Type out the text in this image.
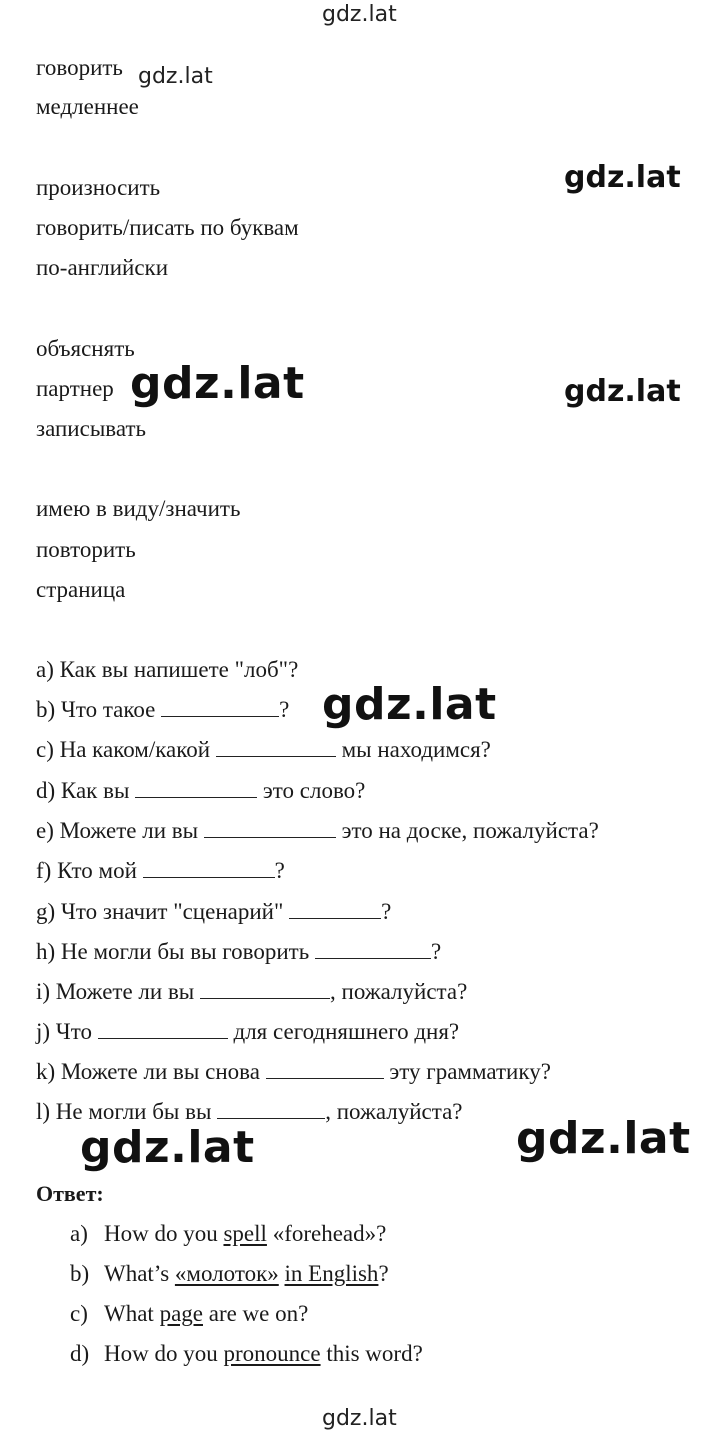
gdz.lat
gdz.lat
gdz.lat
gdz.lat	gdz.lat
gdz.lat
gdz.lat	gdz.lat
gdz.lat
говорить
медленнее
произносить
говорить/писать по буквам
по-английски
объяснять
партнер
записывать
имею в виду/значить
повторить
страница
a) Как вы напишете "лоб"?
b) Что такое	?
c) На каком/какой	мы находимся?
d) Как вы	это слово?
e) Можете ли вы	это на доске, пожалуйста?
f) Кто мой	?
g) Что значит "сценарий"	?
h) Не могли бы вы говорить	?
i) Можете ли вы	, пожалуйста?
j) Что	для сегодняшнего дня?
k) Можете ли вы снова	эту грамматику?
l) Не могли бы вы	, пожалуйста?
Ответ:
a) How do you spell «forehead»?
b) What’s «молоток» in English?
c) What page are we on?
d) How do you pronounce this word?
